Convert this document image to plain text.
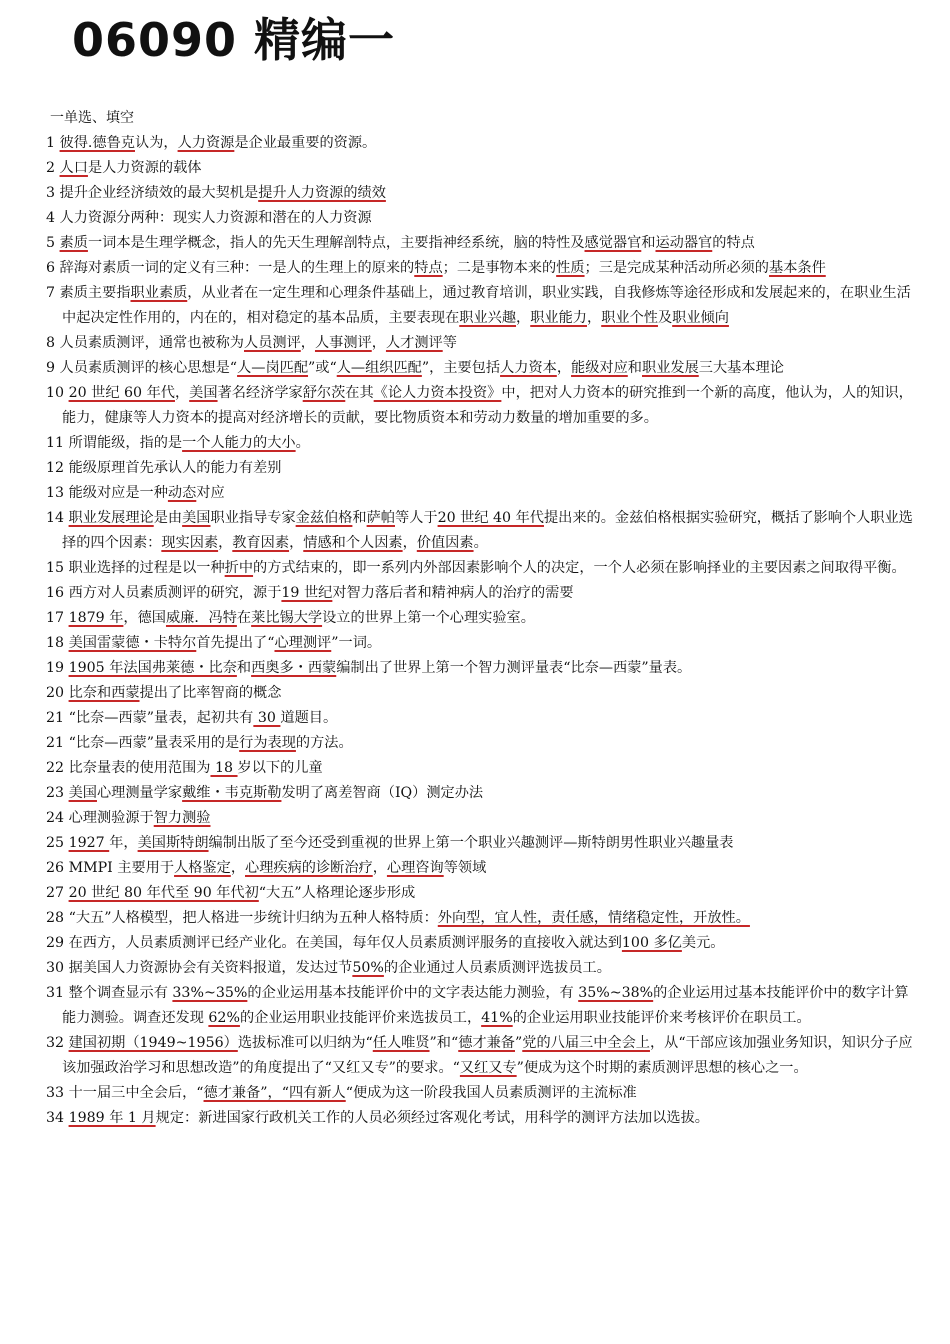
06090 精编一
一单选、填空
1 彼得.德鲁克认为，人力资源是企业最重要的资源。
2 人口是人力资源的载体
3 提升企业经济绩效的最大契机是提升人力资源的绩效
4 人力资源分两种：现实人力资源和潜在的人力资源
5 素质一词本是生理学概念，指人的先天生理解剖特点，主要指神经系统，脑的特性及感觉器官和运动器官的特点
6 辞海对素质一词的定义有三种：一是人的生理上的原来的特点；二是事物本来的性质；三是完成某种活动所必须的基本条件
7 素质主要指职业素质，从业者在一定生理和心理条件基础上，通过教育培训，职业实践，自我修炼等途径形成和发展起来的，在职业生活中起决定性作用的，内在的，相对稳定的基本品质，主要表现在职业兴趣，职业能力，职业个性及职业倾向
8 人员素质测评，通常也被称为人员测评，人事测评，人才测评等
9 人员素质测评的核心思想是“人—岗匹配”或“人—组织匹配”，主要包括人力资本，能级对应和职业发展三大基本理论
10 20 世纪 60 年代，美国著名经济学家舒尔茨在其《论人力资本投资》中，把对人力资本的研究推到一个新的高度，他认为，人的知识，能力，健康等人力资本的提高对经济增长的贡献，要比物质资本和劳动力数量的增加重要的多。
11 所谓能级，指的是一个人能力的大小。
12 能级原理首先承认人的能力有差别
13 能级对应是一种动态对应
14 职业发展理论是由美国职业指导专家金兹伯格和萨帕等人于20 世纪 40 年代提出来的。金兹伯格根据实验研究，概括了影响个人职业选择的四个因素：现实因素，教育因素，情感和个人因素，价值因素。
15 职业选择的过程是以一种折中的方式结束的，即一系列内外部因素影响个人的决定，一个人必须在影响择业的主要因素之间取得平衡。
16 西方对人员素质测评的研究，源于19 世纪对智力落后者和精神病人的治疗的需要
17 1879 年，德国威廉．冯特在莱比锡大学设立的世界上第一个心理实验室。
18 美国雷蒙德・卡特尔首先提出了“心理测评”一词。
19 1905 年法国弗莱德・比奈和西奥多・西蒙编制出了世界上第一个智力测评量表“比奈—西蒙”量表。
20 比奈和西蒙提出了比率智商的概念
21 “比奈—西蒙”量表，起初共有 30 道题目。
21 “比奈—西蒙”量表采用的是行为表现的方法。
22 比奈量表的使用范围为 18 岁以下的儿童
23 美国心理测量学家戴维・韦克斯勒发明了离差智商（IQ）测定办法
24 心理测验源于智力测验
25 1927 年，美国斯特朗编制出版了至今还受到重视的世界上第一个职业兴趣测评—斯特朗男性职业兴趣量表
26 MMPI 主要用于人格鉴定，心理疾病的诊断治疗，心理咨询等领域
27 20 世纪 80 年代至 90 年代初“大五”人格理论逐步形成
28 “大五”人格模型，把人格进一步统计归纳为五种人格特质：外向型，宜人性，责任感，情绪稳定性，开放性。
29 在西方，人员素质测评已经产业化。在美国，每年仅人员素质测评服务的直接收入就达到100 多亿美元。
30 据美国人力资源协会有关资料报道，发达过节50%的企业通过人员素质测评选拔员工。
31 整个调查显示有 33%~35%的企业运用基本技能评价中的文字表达能力测验，有 35%~38%的企业运用过基本技能评价中的数字计算能力测验。调查还发现 62%的企业运用职业技能评价来选拔员工，41%的企业运用职业技能评价来考核评价在职员工。
32 建国初期（1949~1956）选拔标准可以归纳为“任人唯贤”和“德才兼备”党的八届三中全会上，从“干部应该加强业务知识，知识分子应该加强政治学习和思想改造”的角度提出了“又红又专”的要求。“又红又专”便成为这个时期的素质测评思想的核心之一。
33 十一届三中全会后，“德才兼备”，“四有新人“便成为这一阶段我国人员素质测评的主流标准
34 1989 年 1 月规定：新进国家行政机关工作的人员必须经过客观化考试，用科学的测评方法加以选拔。
